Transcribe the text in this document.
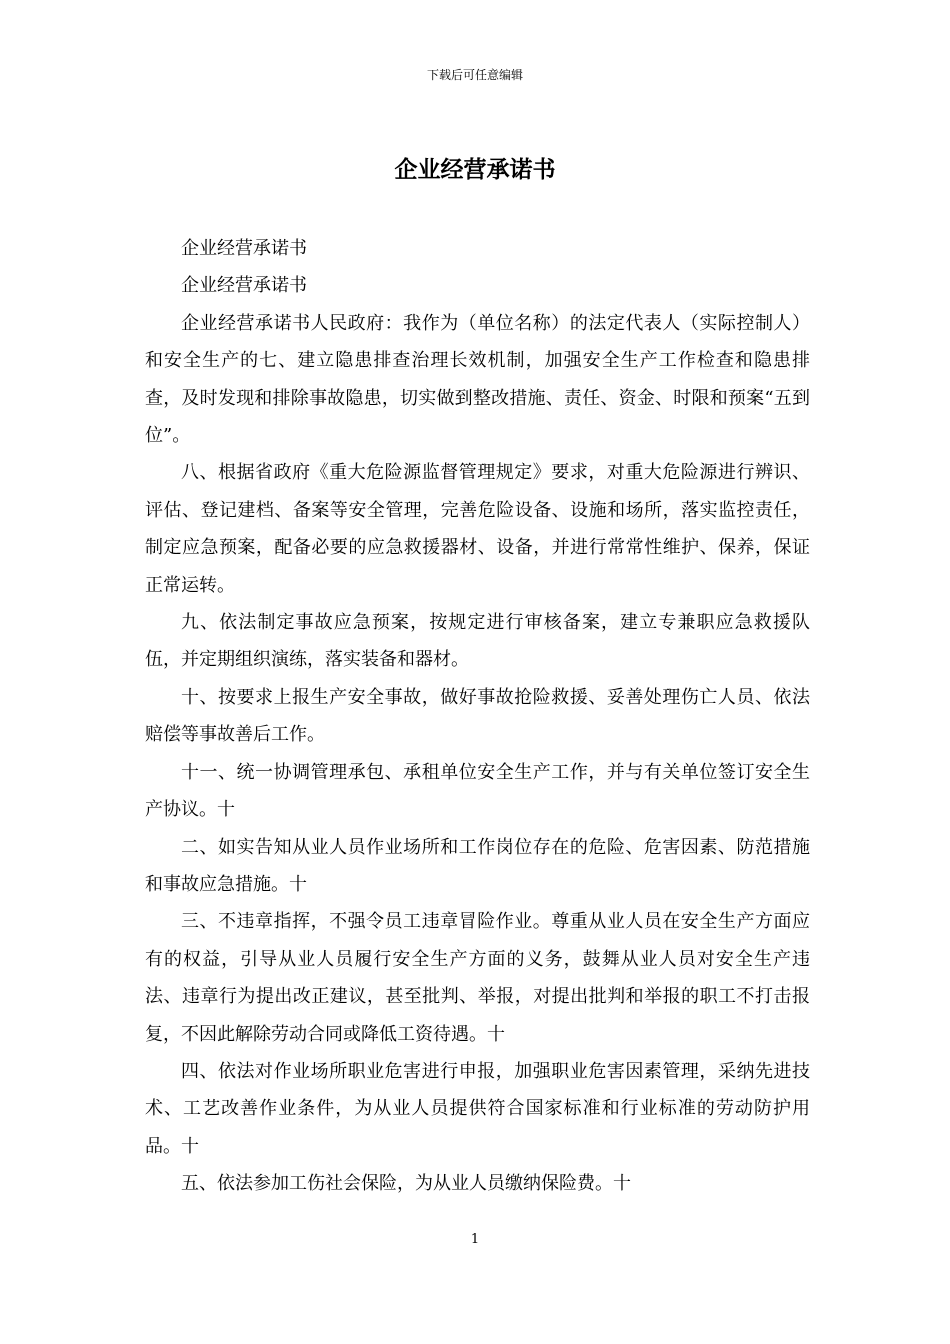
下载后可任意编辑
企业经营承诺书

企业经营承诺书

企业经营承诺书

企业经营承诺书人民政府：我作为（单位名称）的法定代表人（实际控制人）和安全生产的七、建立隐患排查治理长效机制，加强安全生产工作检查和隐患排查，及时发现和排除事故隐患，切实做到整改措施、责任、资金、时限和预案“五到位”。

八、根据省政府《重大危险源监督管理规定》要求，对重大危险源进行辨识、评估、登记建档、备案等安全管理，完善危险设备、设施和场所，落实监控责任，制定应急预案，配备必要的应急救援器材、设备，并进行常常性维护、保养，保证正常运转。

九、依法制定事故应急预案，按规定进行审核备案，建立专兼职应急救援队伍，并定期组织演练，落实装备和器材。

十、按要求上报生产安全事故，做好事故抢险救援、妥善处理伤亡人员、依法赔偿等事故善后工作。

十一、统一协调管理承包、承租单位安全生产工作，并与有关单位签订安全生产协议。十

二、如实告知从业人员作业场所和工作岗位存在的危险、危害因素、防范措施和事故应急措施。十

三、不违章指挥，不强令员工违章冒险作业。尊重从业人员在安全生产方面应有的权益，引导从业人员履行安全生产方面的义务，鼓舞从业人员对安全生产违法、违章行为提出改正建议，甚至批判、举报，对提出批判和举报的职工不打击报复，不因此解除劳动合同或降低工资待遇。十

四、依法对作业场所职业危害进行申报，加强职业危害因素管理，采纳先进技术、工艺改善作业条件，为从业人员提供符合国家标准和行业标准的劳动防护用品。十

五、依法参加工伤社会保险，为从业人员缴纳保险费。十

1
